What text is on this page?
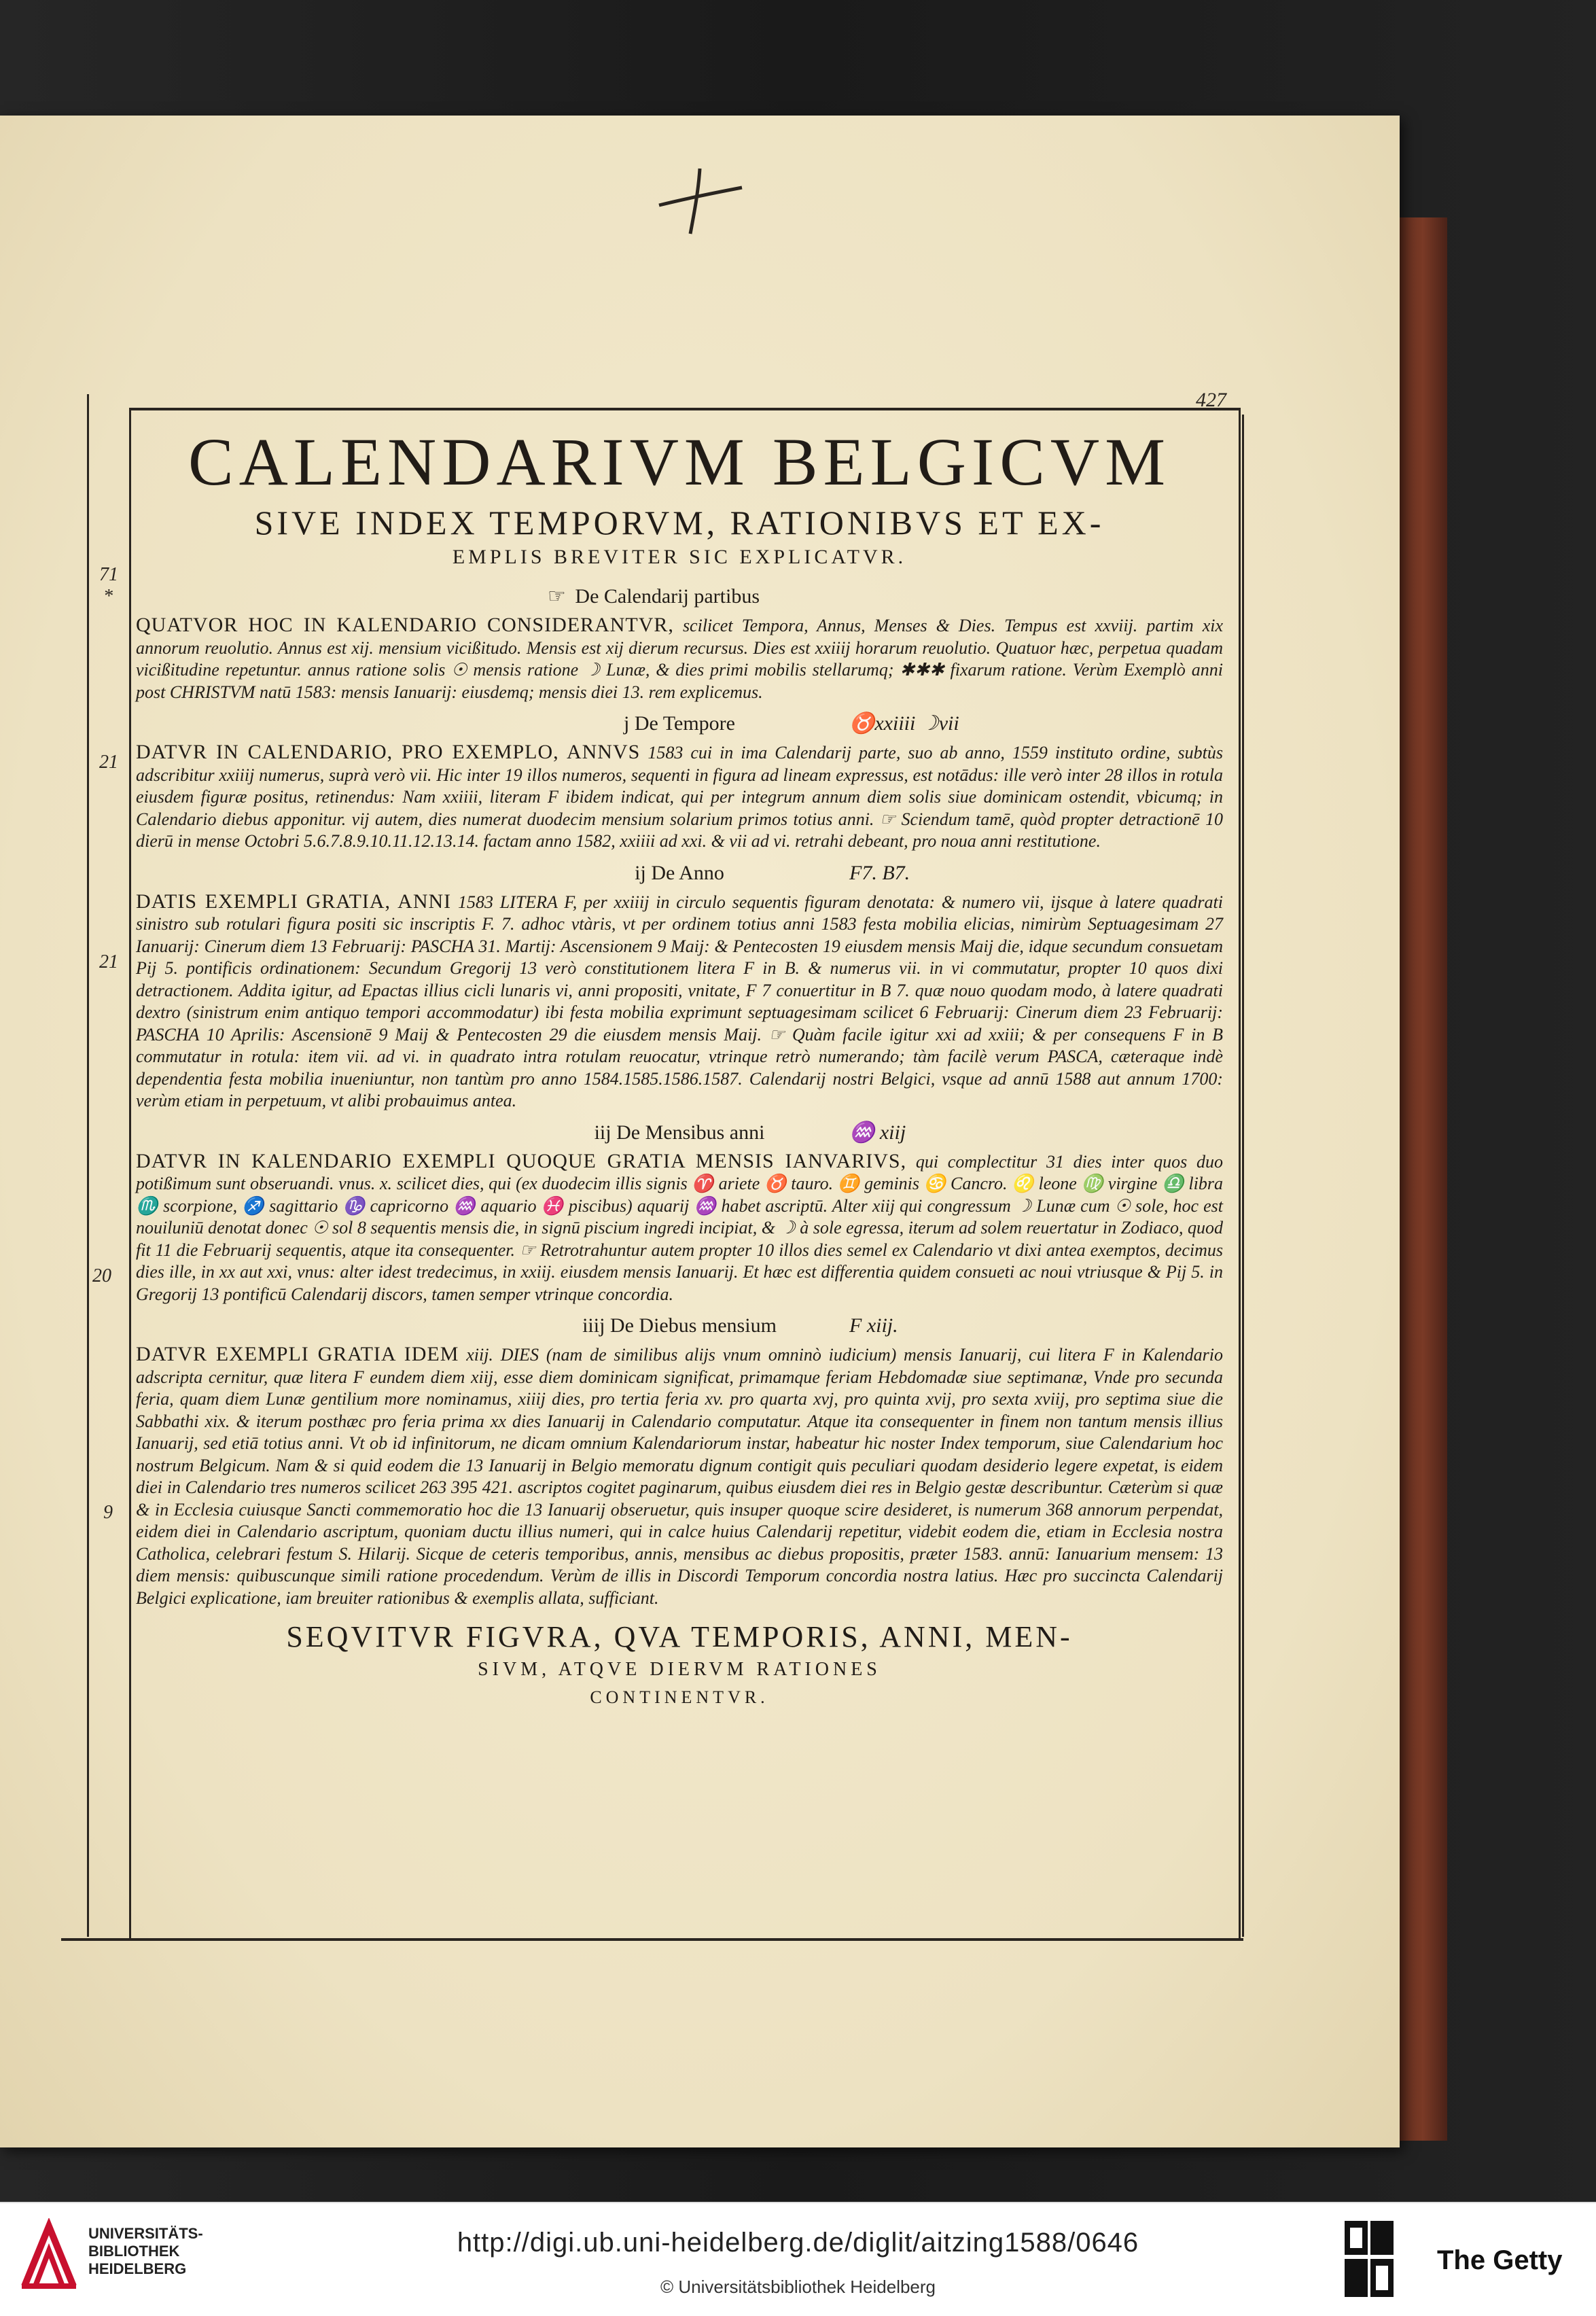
427
71
*
21
21
20
9
CALENDARIVM BELGICVM
SIVE INDEX TEMPORVM, RATIONIBVS ET EX-
EMPLIS BREVITER SIC EXPLICATVR.
☞ De Calendarij partibus

QUATVOR HOC IN KALENDARIO CONSIDERANTVR, scilicet Tempora, Annus, Menses & Dies. Tempus est xxviij. partim xix annorum reuolutio. Annus est xij. mensium vicißitudo. Mensis est xij dierum recursus. Dies est xxiiij horarum reuolutio. Quatuor hæc, perpetua quadam vicißitudine repetuntur. annus ratione solis ☉ mensis ratione ☽ Lunæ, & dies primi mobilis stellarumq; ✱✱✱ fixarum ratione. Verùm Exemplò anni post CHRISTVM natū 1583: mensis Ianuarij: eiusdemq; mensis diei 13. rem explicemus.

j De Tempore	♉xxiiii ☽vii

DATVR IN CALENDARIO, PRO EXEMPLO, ANNVS 1583 cui in ima Calendarij parte, suo ab anno, 1559 instituto ordine, subtùs adscribitur xxiiij numerus, suprà verò vii. Hic inter 19 illos numeros, sequenti in figura ad lineam expressus, est notādus: ille verò inter 28 illos in rotula eiusdem figuræ positus, retinendus: Nam xxiiii, literam F ibidem indicat, qui per integrum annum diem solis siue dominicam ostendit, vbicumq; in Calendario diebus apponitur. vij autem, dies numerat duodecim mensium solarium primos totius anni. ☞ Sciendum tamē, quòd propter detractionē 10 dierū in mense Octobri 5.6.7.8.9.10.11.12.13.14. factam anno 1582, xxiiii ad xxi. & vii ad vi. retrahi debeant, pro noua anni restitutione.

ij De Anno	F7. B7.

DATIS EXEMPLI GRATIA, ANNI 1583 LITERA F, per xxiiij in circulo sequentis figuram denotata: & numero vii, ijsque à latere quadrati sinistro sub rotulari figura positi sic inscriptis F. 7. adhoc vtàris, vt per ordinem totius anni 1583 festa mobilia elicias, nimirùm Septuagesimam 27 Ianuarij: Cinerum diem 13 Februarij: PASCHA 31. Martij: Ascensionem 9 Maij: & Pentecosten 19 eiusdem mensis Maij die, idque secundum consuetam Pij 5. pontificis ordinationem: Secundum Gregorij 13 verò constitutionem litera F in B. & numerus vii. in vi commutatur, propter 10 quos dixi detractionem. Addita igitur, ad Epactas illius cicli lunaris vi, anni propositi, vnitate, F 7 conuertitur in B 7. quæ nouo quodam modo, à latere quadrati dextro (sinistrum enim antiquo tempori accommodatur) ibi festa mobilia exprimunt septuagesimam scilicet 6 Februarij: Cinerum diem 23 Februarij: PASCHA 10 Aprilis: Ascensionē 9 Maij & Pentecosten 29 die eiusdem mensis Maij. ☞ Quàm facile igitur xxi ad xxiii; & per consequens F in B commutatur in rotula: item vii. ad vi. in quadrato intra rotulam reuocatur, vtrinque retrò numerando; tàm facilè verum PASCA, cæteraque indè dependentia festa mobilia inueniuntur, non tantùm pro anno 1584.1585.1586.1587. Calendarij nostri Belgici, vsque ad annū 1588 aut annum 1700: verùm etiam in perpetuum, vt alibi probauimus antea.

iij De Mensibus anni	♒ xiij

DATVR IN KALENDARIO EXEMPLI QUOQUE GRATIA MENSIS IANVARIVS, qui complectitur 31 dies inter quos duo potißimum sunt obseruandi. vnus. x. scilicet dies, qui (ex duodecim illis signis ♈ ariete ♉ tauro. ♊ geminis ♋ Cancro. ♌ leone ♍ virgine ♎ libra ♏ scorpione, ♐ sagittario ♑ capricorno ♒ aquario ♓ piscibus) aquarij ♒ habet ascriptū. Alter xiij qui congressum ☽ Lunæ cum ☉ sole, hoc est nouiluniū denotat donec ☉ sol 8 sequentis mensis die, in signū piscium ingredi incipiat, & ☽ à sole egressa, iterum ad solem reuertatur in Zodiaco, quod fit 11 die Februarij sequentis, atque ita consequenter. ☞ Retrotrahuntur autem propter 10 illos dies semel ex Calendario vt dixi antea exemptos, decimus dies ille, in xx aut xxi, vnus: alter idest tredecimus, in xxiij. eiusdem mensis Ianuarij. Et hæc est differentia quidem consueti ac noui vtriusque & Pij 5. in Gregorij 13 pontificū Calendarij discors, tamen semper vtrinque concordia.

iiij De Diebus mensium	F xiij.

DATVR EXEMPLI GRATIA IDEM xiij. DIES (nam de similibus alijs vnum omninò iudicium) mensis Ianuarij, cui litera F in Kalendario adscripta cernitur, quæ litera F eundem diem xiij, esse diem dominicam significat, primamque feriam Hebdomadæ siue septimanæ, Vnde pro secunda feria, quam diem Lunæ gentilium more nominamus, xiiij dies, pro tertia feria xv. pro quarta xvj, pro quinta xvij, pro sexta xviij, pro septima siue die Sabbathi xix. & iterum posthæc pro feria prima xx dies Ianuarij in Calendario computatur. Atque ita consequenter in finem non tantum mensis illius Ianuarij, sed etiā totius anni. Vt ob id infinitorum, ne dicam omnium Kalendariorum instar, habeatur hic noster Index temporum, siue Calendarium hoc nostrum Belgicum. Nam & si quid eodem die 13 Ianuarij in Belgio memoratu dignum contigit quis peculiari quodam desiderio legere expetat, is eidem diei in Calendario tres numeros scilicet 263 395 421. ascriptos cogitet paginarum, quibus eiusdem diei res in Belgio gestæ describuntur. Cæterùm si quæ & in Ecclesia cuiusque Sancti commemoratio hoc die 13 Ianuarij obseruetur, quis insuper quoque scire desideret, is numerum 368 annorum perpendat, eidem diei in Calendario ascriptum, quoniam ductu illius numeri, qui in calce huius Calendarij repetitur, videbit eodem die, etiam in Ecclesia nostra Catholica, celebrari festum S. Hilarij. Sicque de ceteris temporibus, annis, mensibus ac diebus propositis, præter 1583. annū: Ianuarium mensem: 13 diem mensis: quibuscunque simili ratione procedendum. Verùm de illis in Discordi Temporum concordia nostra latius. Hæc pro succincta Calendarij Belgici explicatione, iam breuiter rationibus & exemplis allata, sufficiant.

SEQVITVR FIGVRA, QVA TEMPORIS, ANNI, MEN-
SIVM, ATQVE DIERVM RATIONES
CONTINENTVR.
UNIVERSITÄTS-
BIBLIOTHEK
HEIDELBERG
http://digi.ub.uni-heidelberg.de/diglit/aitzing1588/0646
© Universitätsbibliothek Heidelberg
The Getty
